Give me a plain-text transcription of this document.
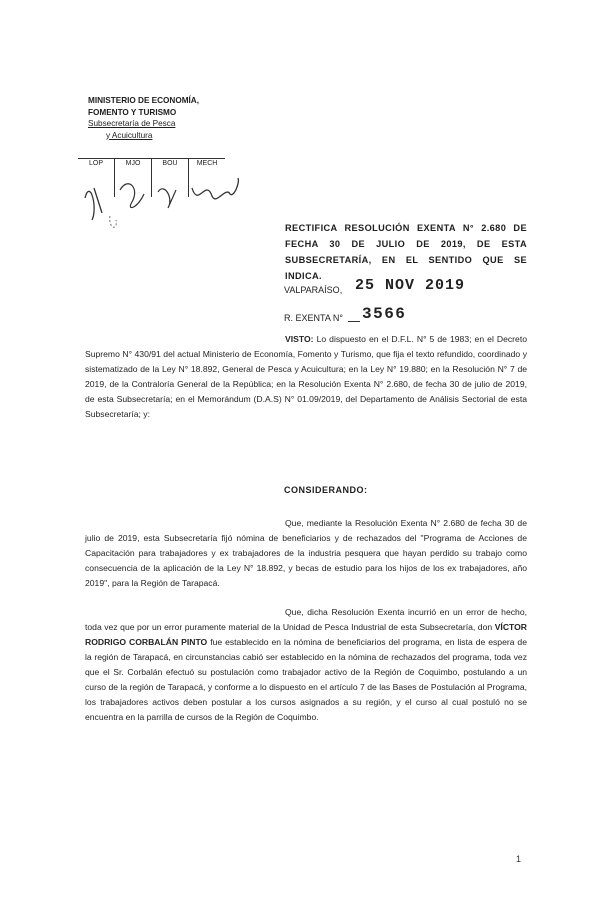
MINISTERIO DE ECONOMÍA,
FOMENTO Y TURISMO
Subsecretaría de Pesca
y Acuicultura
LOP	MJO	BOU	MECH
RECTIFICA RESOLUCIÓN EXENTA N° 2.680 DE FECHA 30 DE JULIO DE 2019, DE ESTA SUBSECRETARÍA, EN EL SENTIDO QUE SE INDICA.
VALPARAÍSO, 25 NOV 2019
R. EXENTA N° 3566
VISTO: Lo dispuesto en el D.F.L. N° 5 de 1983; en el Decreto Supremo N° 430/91 del actual Ministerio de Economía, Fomento y Turismo, que fija el texto refundido, coordinado y sistematizado de la Ley N° 18.892, General de Pesca y Acuicultura; en la Ley N° 19.880; en la Resolución N° 7 de 2019, de la Contraloría General de la República; en la Resolución Exenta N° 2.680, de fecha 30 de julio de 2019, de esta Subsecretaría; en el Memorándum (D.A.S) N° 01.09/2019, del Departamento de Análisis Sectorial de esta Subsecretaría; y:
CONSIDERANDO:
Que, mediante la Resolución Exenta N° 2.680 de fecha 30 de julio de 2019, esta Subsecretaría fijó nómina de beneficiarios y de rechazados del "Programa de Acciones de Capacitación para trabajadores y ex trabajadores de la industria pesquera que hayan perdido su trabajo como consecuencia de la aplicación de la Ley N° 18.892, y becas de estudio para los hijos de los ex trabajadores, año 2019", para la Región de Tarapacá.
Que, dicha Resolución Exenta incurrió en un error de hecho, toda vez que por un error puramente material de la Unidad de Pesca Industrial de esta Subsecretaría, don VÍCTOR RODRIGO CORBALÁN PINTO fue establecido en la nómina de beneficiarios del programa, en lista de espera de la región de Tarapacá, en circunstancias cabió ser establecido en la nómina de rechazados del programa, toda vez que el Sr. Corbalán efectuó su postulación como trabajador activo de la Región de Coquimbo, postulando a un curso de la región de Tarapacá, y conforme a lo dispuesto en el artículo 7 de las Bases de Postulación al Programa, los trabajadores activos deben postular a los cursos asignados a su región, y el curso al cual postuló no se encuentra en la parrilla de cursos de la Región de Coquimbo.
1
